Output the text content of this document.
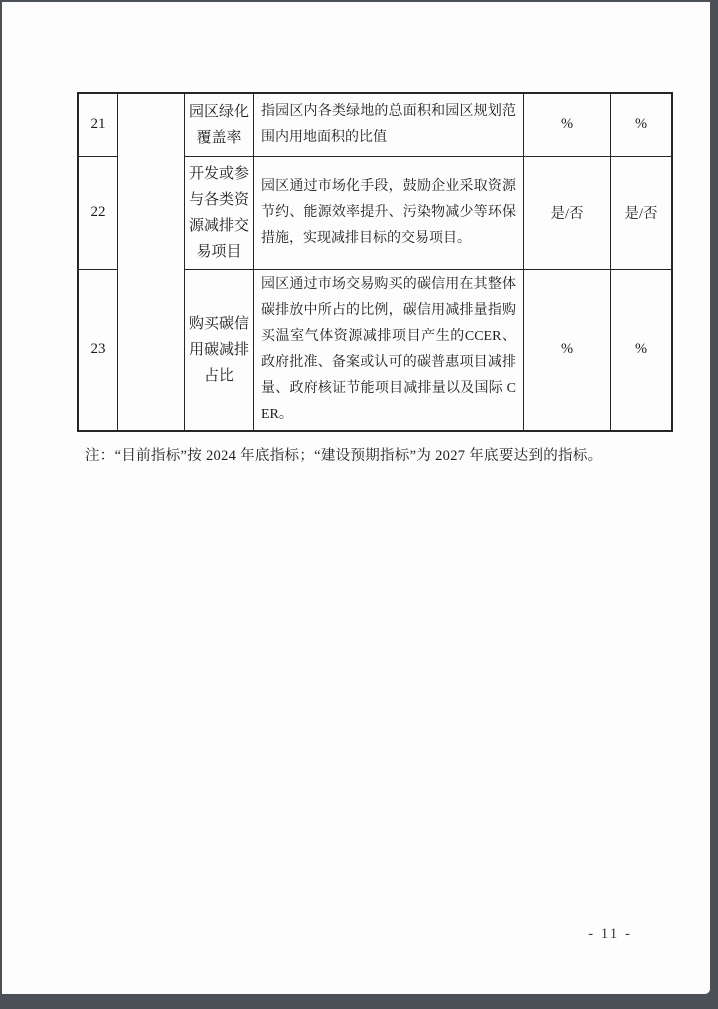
21		园区绿化覆盖率	指园区内各类绿地的总面积和园区规划范围内用地面积的比值	%	%
22		开发或参与各类资源减排交易项目	园区通过市场化手段，鼓励企业采取资源节约、能源效率提升、污染物减少等环保措施，实现减排目标的交易项目。	是/否	是/否
23		购买碳信用碳减排占比	园区通过市场交易购买的碳信用在其整体碳排放中所占的比例，碳信用减排量指购买温室气体资源减排项目产生的CCER、政府批准、备案或认可的碳普惠项目减排量、政府核证节能项目减排量以及国际 CER。	%	%
注：“目前指标”按 2024 年底指标；“建设预期指标”为 2027 年底要达到的指标。
- 11 -
